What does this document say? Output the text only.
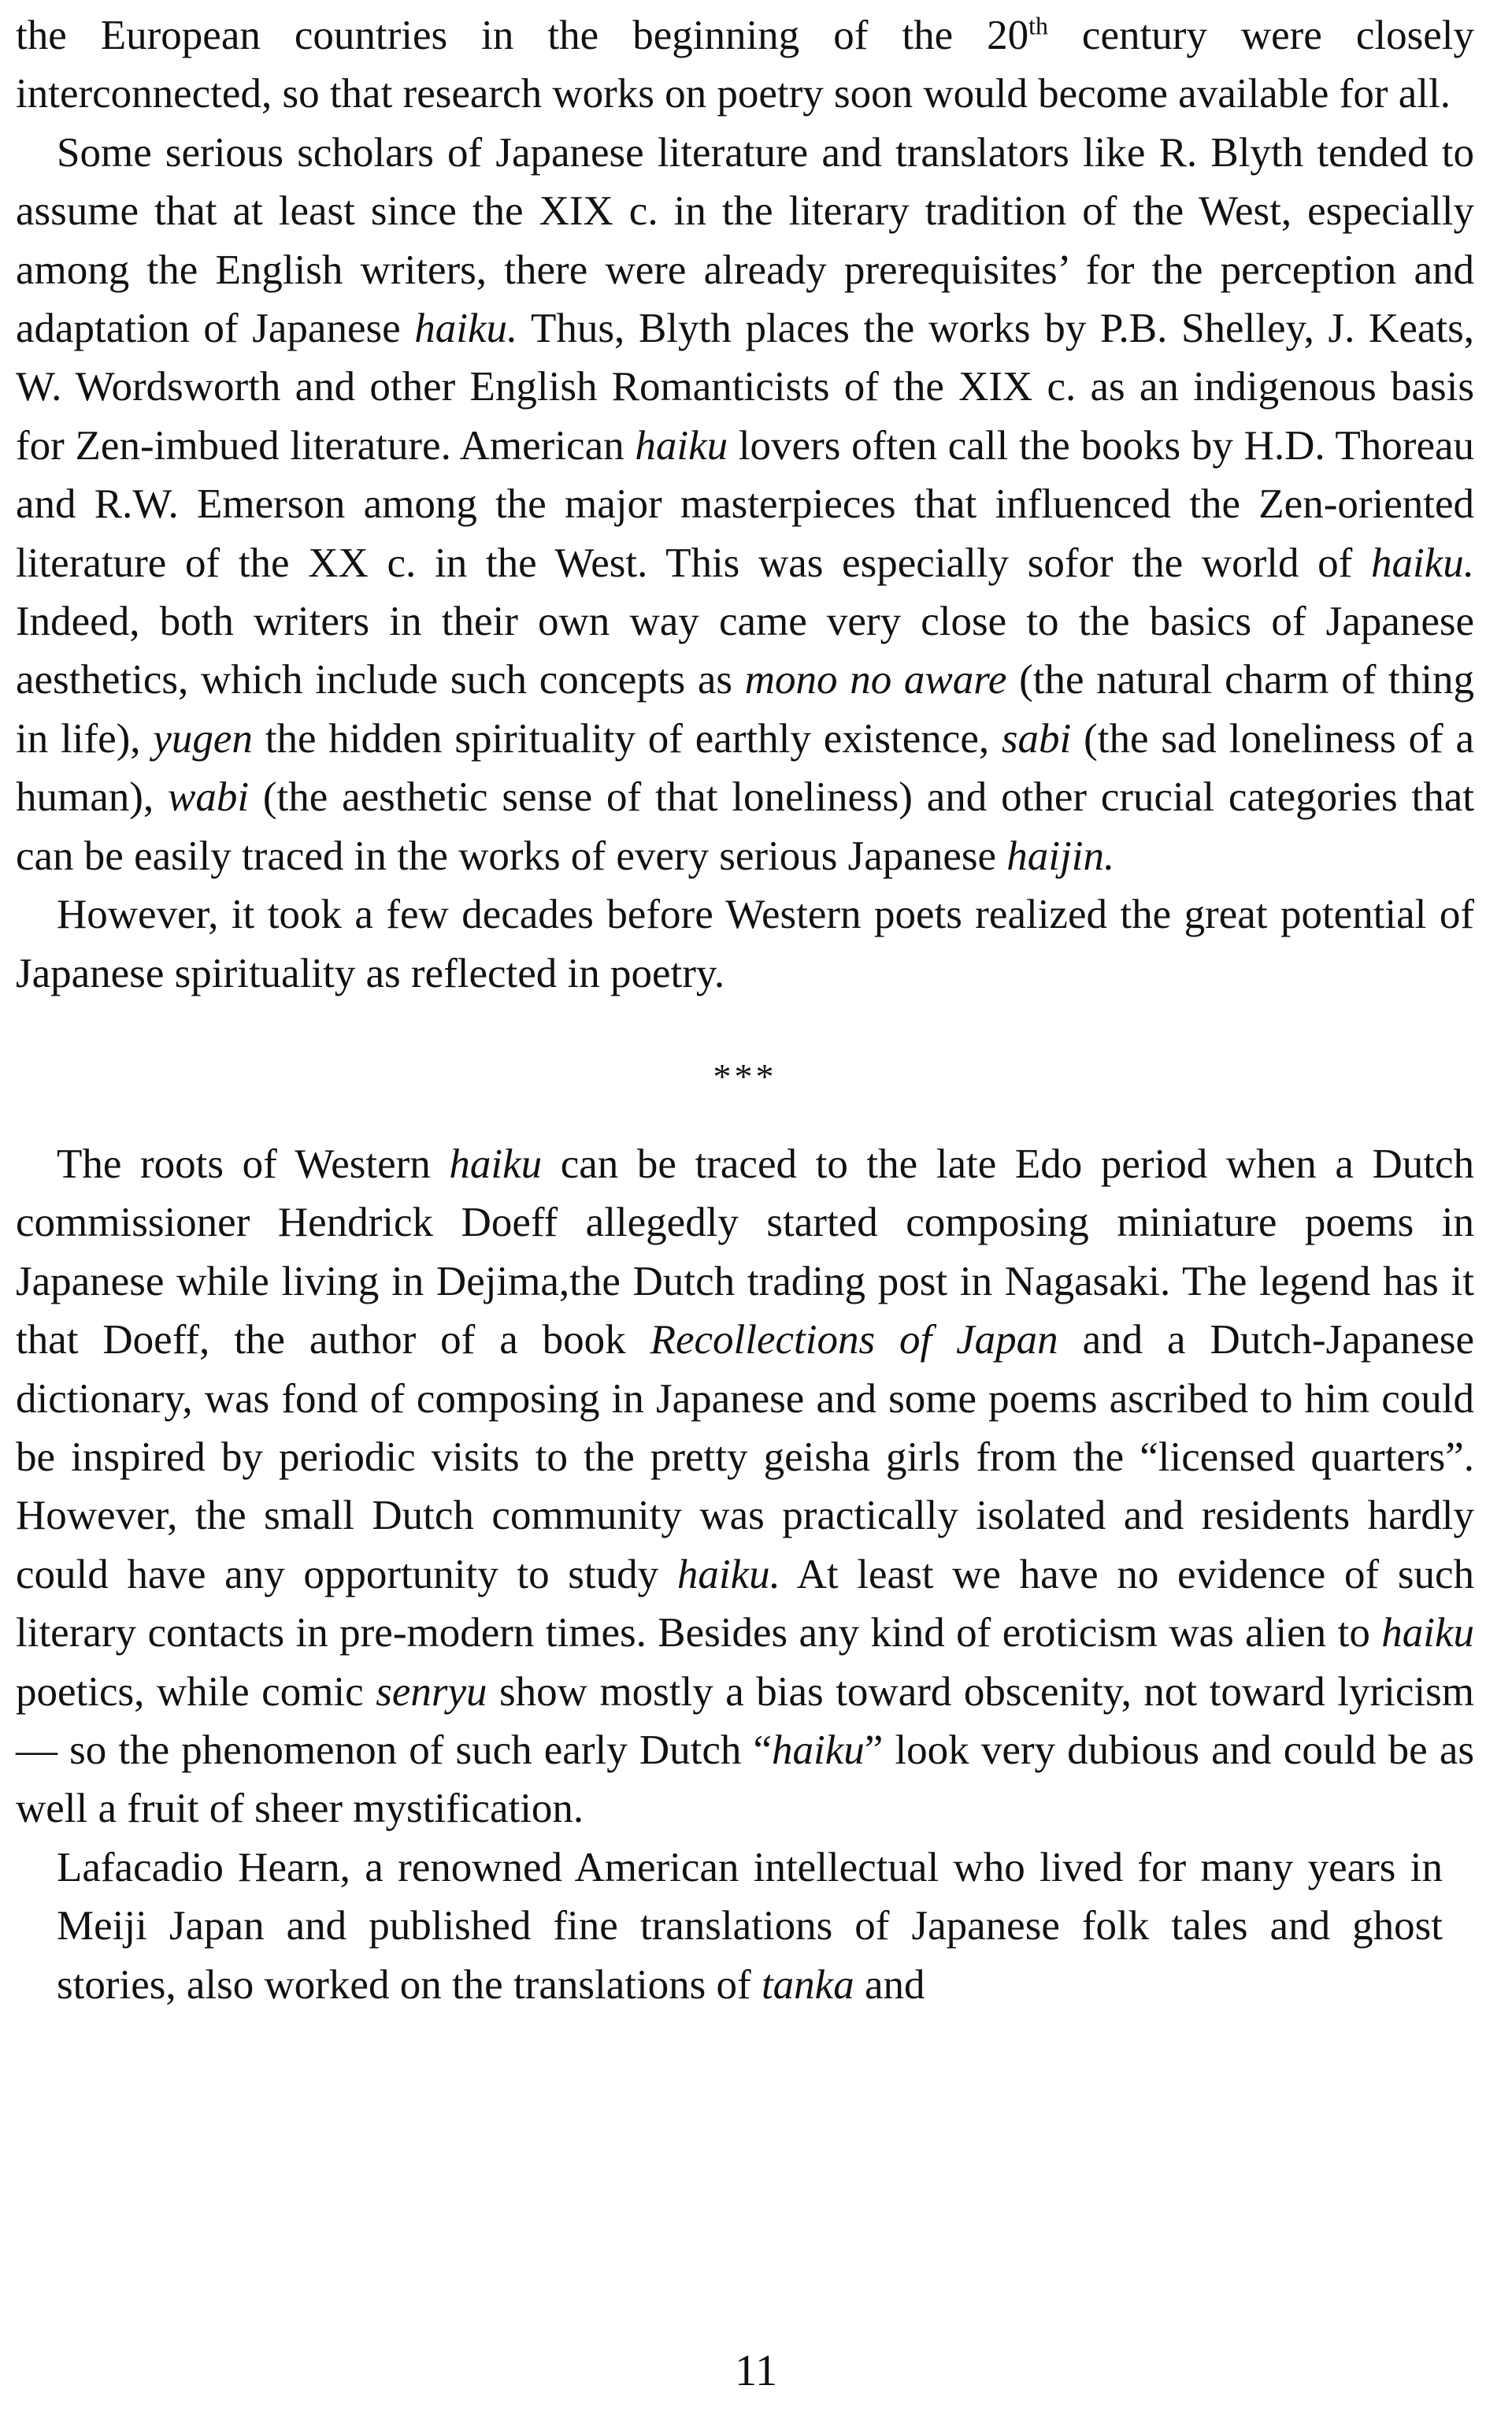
the European countries in the beginning of the 20th century were closely interconnected, so that research works on poetry soon would become available for all.

Some serious scholars of Japanese literature and translators like R. Blyth tended to assume that at least since the XIX c. in the literary tradition of the West, especially among the English writers, there were already prerequisites’ for the perception and adaptation of Japanese haiku. Thus, Blyth places the works by P.B. Shelley, J. Keats, W. Wordsworth and other English Romanticists of the XIX c. as an indigenous basis for Zen-imbued literature. American haiku lovers often call the books by H.D. Thoreau and R.W. Emerson among the major masterpieces that influenced the Zen-oriented literature of the XX c. in the West. This was especially sofor the world of haiku. Indeed, both writers in their own way came very close to the basics of Japanese aesthetics, which include such concepts as mono no aware (the natural charm of thing in life), yugen the hidden spirituality of earthly existence, sabi (the sad loneliness of a human), wabi (the aesthetic sense of that loneliness) and other crucial categories that can be easily traced in the works of every serious Japanese haijin.

However, it took a few decades before Western poets realized the great potential of Japanese spirituality as reflected in poetry.

***

The roots of Western haiku can be traced to the late Edo period when a Dutch commissioner Hendrick Doeff allegedly started composing miniature poems in Japanese while living in Dejima,the Dutch trading post in Nagasaki. The legend has it that Doeff, the author of a book Recollections of Japan and a Dutch-Japanese dictionary, was fond of composing in Japanese and some poems ascribed to him could be inspired by periodic visits to the pretty geisha girls from the “licensed quarters”. However, the small Dutch community was practically isolated and residents hardly could have any opportunity to study haiku. At least we have no evidence of such literary contacts in pre-modern times. Besides any kind of eroticism was alien to haiku poetics, while comic senryu show mostly a bias toward obscenity, not toward lyricism — so the phenomenon of such early Dutch “haiku” look very dubious and could be as well a fruit of sheer mystification.

Lafacadio Hearn, a renowned American intellectual who lived for many years in Meiji Japan and published fine translations of Japanese folk tales and ghost stories, also worked on the translations of tanka and

11
